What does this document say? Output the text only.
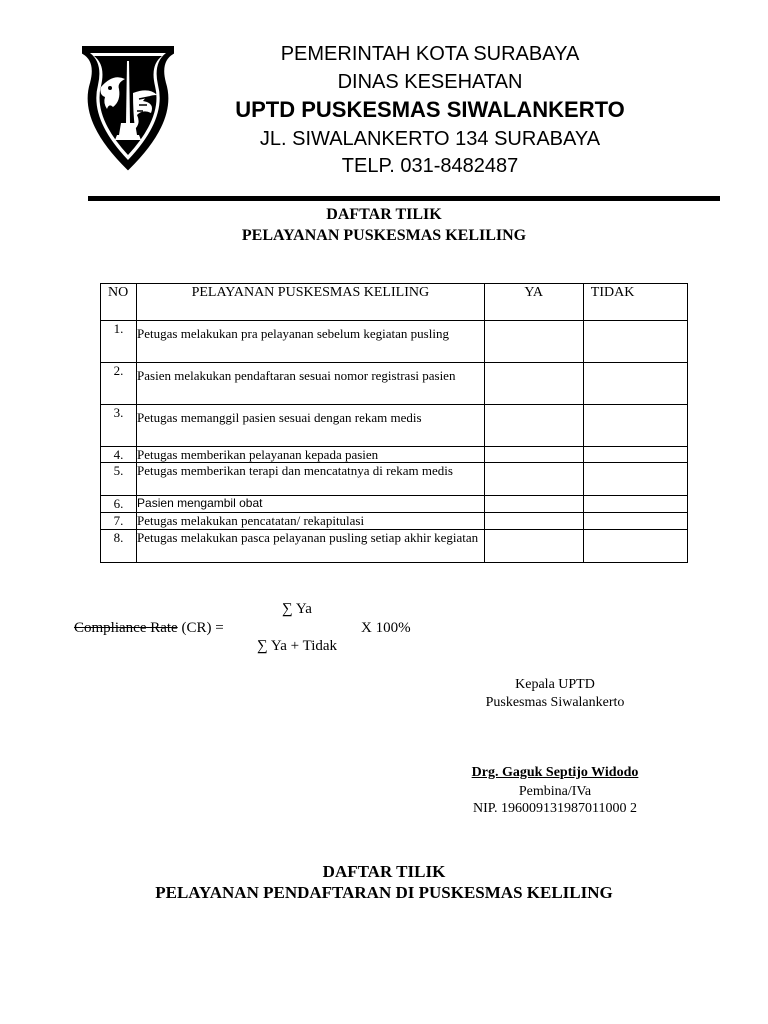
PEMERINTAH KOTA SURABAYA
DINAS KESEHATAN
UPTD PUSKESMAS SIWALANKERTO
JL. SIWALANKERTO 134 SURABAYA
TELP. 031-8482487
DAFTAR TILIK
PELAYANAN PUSKESMAS KELILING
NO	PELAYANAN PUSKESMAS KELILING	YA	TIDAK
1.	Petugas melakukan pra pelayanan sebelum kegiatan pusling		
2.	Pasien melakukan pendaftaran sesuai nomor registrasi pasien		
3.	Petugas memanggil pasien sesuai dengan rekam medis		
4.	Petugas memberikan pelayanan kepada pasien		
5.	Petugas memberikan terapi dan mencatatnya di rekam medis		
6.	Pasien mengambil obat		
7.	Petugas melakukan pencatatan/ rekapitulasi		
8.	Petugas melakukan pasca pelayanan pusling setiap akhir kegiatan		
∑ Ya
Compliance Rate (CR) =	X 100%
∑ Ya + Tidak
Kepala UPTD
Puskesmas Siwalankerto
Drg. Gaguk Septijo Widodo
Pembina/IVa
NIP. 196009131987011000 2
DAFTAR TILIK
PELAYANAN PENDAFTARAN DI PUSKESMAS KELILING
